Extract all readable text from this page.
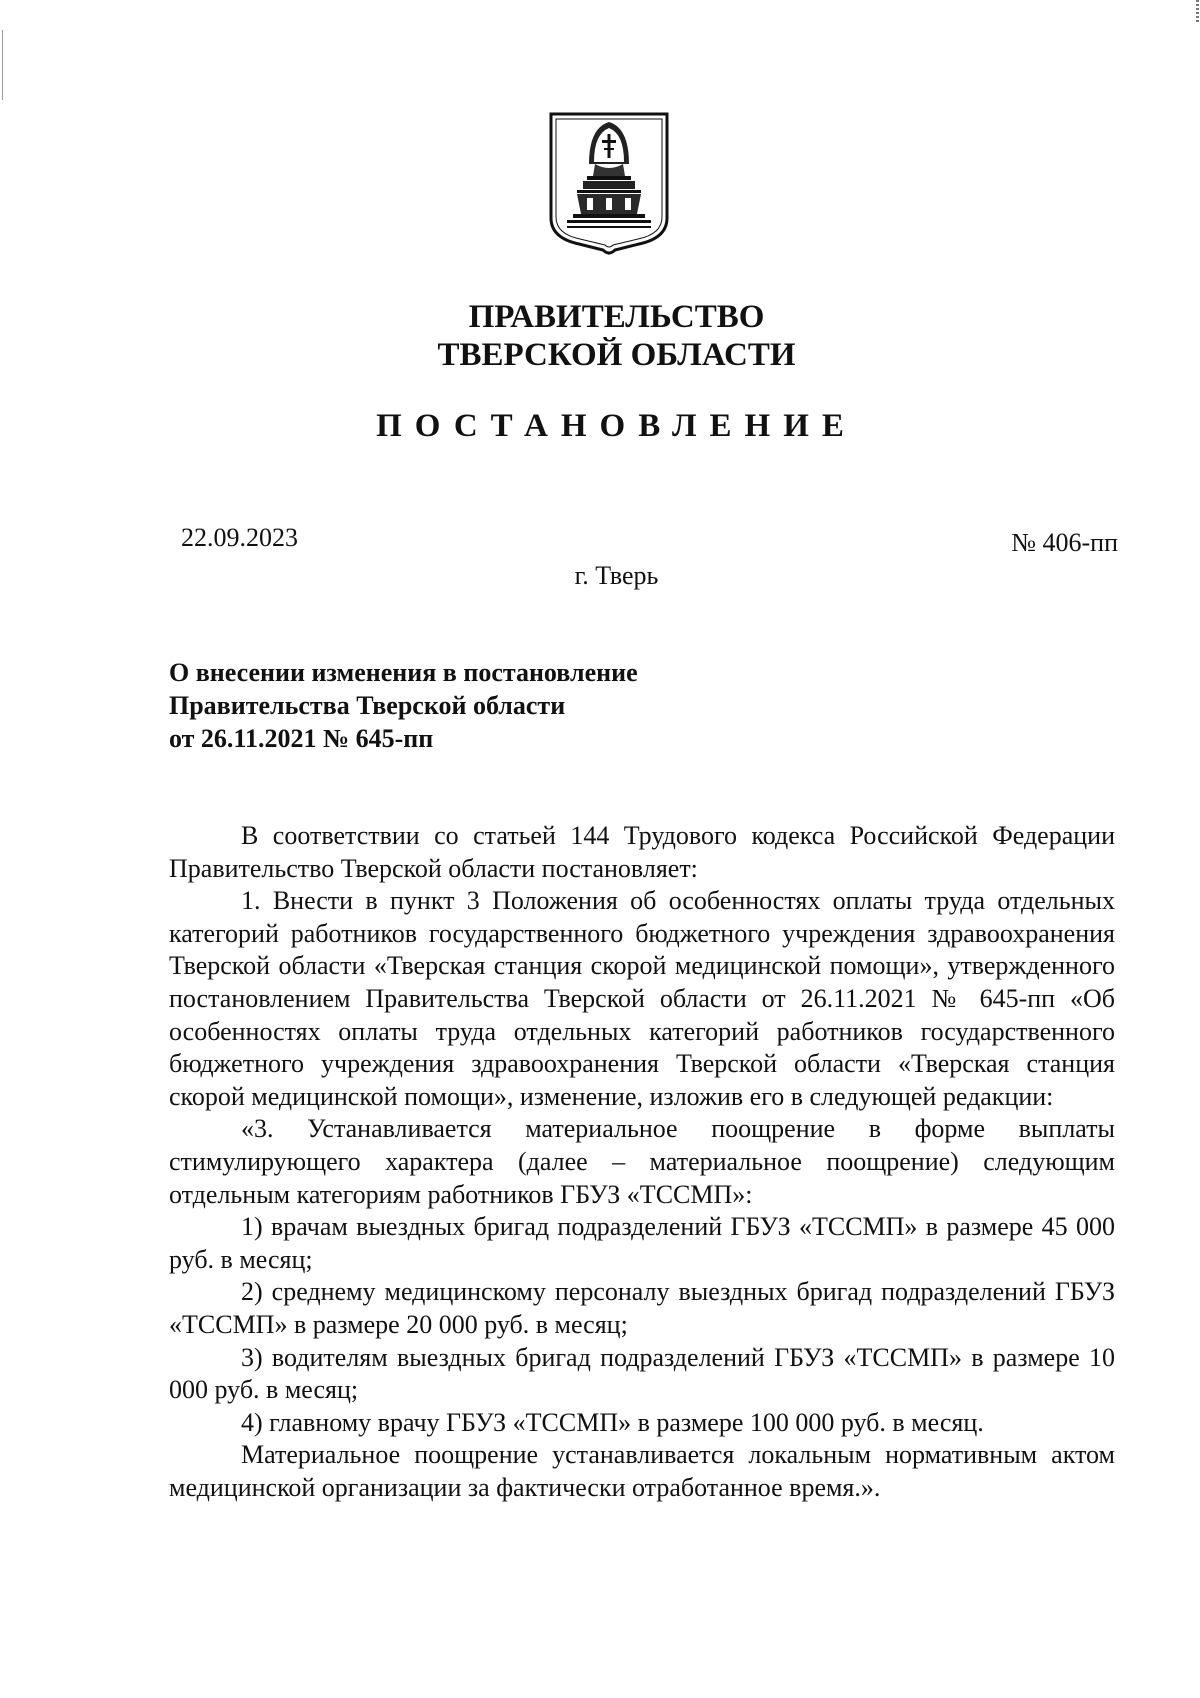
ПРАВИТЕЛЬСТВО
ТВЕРСКОЙ ОБЛАСТИ
ПОСТАНОВЛЕНИЕ
22.09.2023	№ 406-пп
г. Тверь
О внесении изменения в постановление
Правительства Тверской области
от 26.11.2021 № 645-пп

В соответствии со статьей 144 Трудового кодекса Российской Федерации Правительство Тверской области постановляет:

1. Внести в пункт 3 Положения об особенностях оплаты труда отдельных категорий работников государственного бюджетного учреждения здравоохранения Тверской области «Тверская станция скорой медицинской помощи», утвержденного постановлением Правительства Тверской области от 26.11.2021 № 645-пп «Об особенностях оплаты труда отдельных категорий работников государственного бюджетного учреждения здравоохранения Тверской области «Тверская станция скорой медицинской помощи», изменение, изложив его в следующей редакции:

«3. Устанавливается материальное поощрение в форме выплаты стимулирующего характера (далее – материальное поощрение) следующим отдельным категориям работников ГБУЗ «ТССМП»:

1) врачам выездных бригад подразделений ГБУЗ «ТССМП» в размере 45 000 руб. в месяц;

2) среднему медицинскому персоналу выездных бригад подразделений ГБУЗ «ТССМП» в размере 20 000 руб. в месяц;

3) водителям выездных бригад подразделений ГБУЗ «ТССМП» в размере 10 000 руб. в месяц;

4) главному врачу ГБУЗ «ТССМП» в размере 100 000 руб. в месяц.

Материальное поощрение устанавливается локальным нормативным актом медицинской организации за фактически отработанное время.».
